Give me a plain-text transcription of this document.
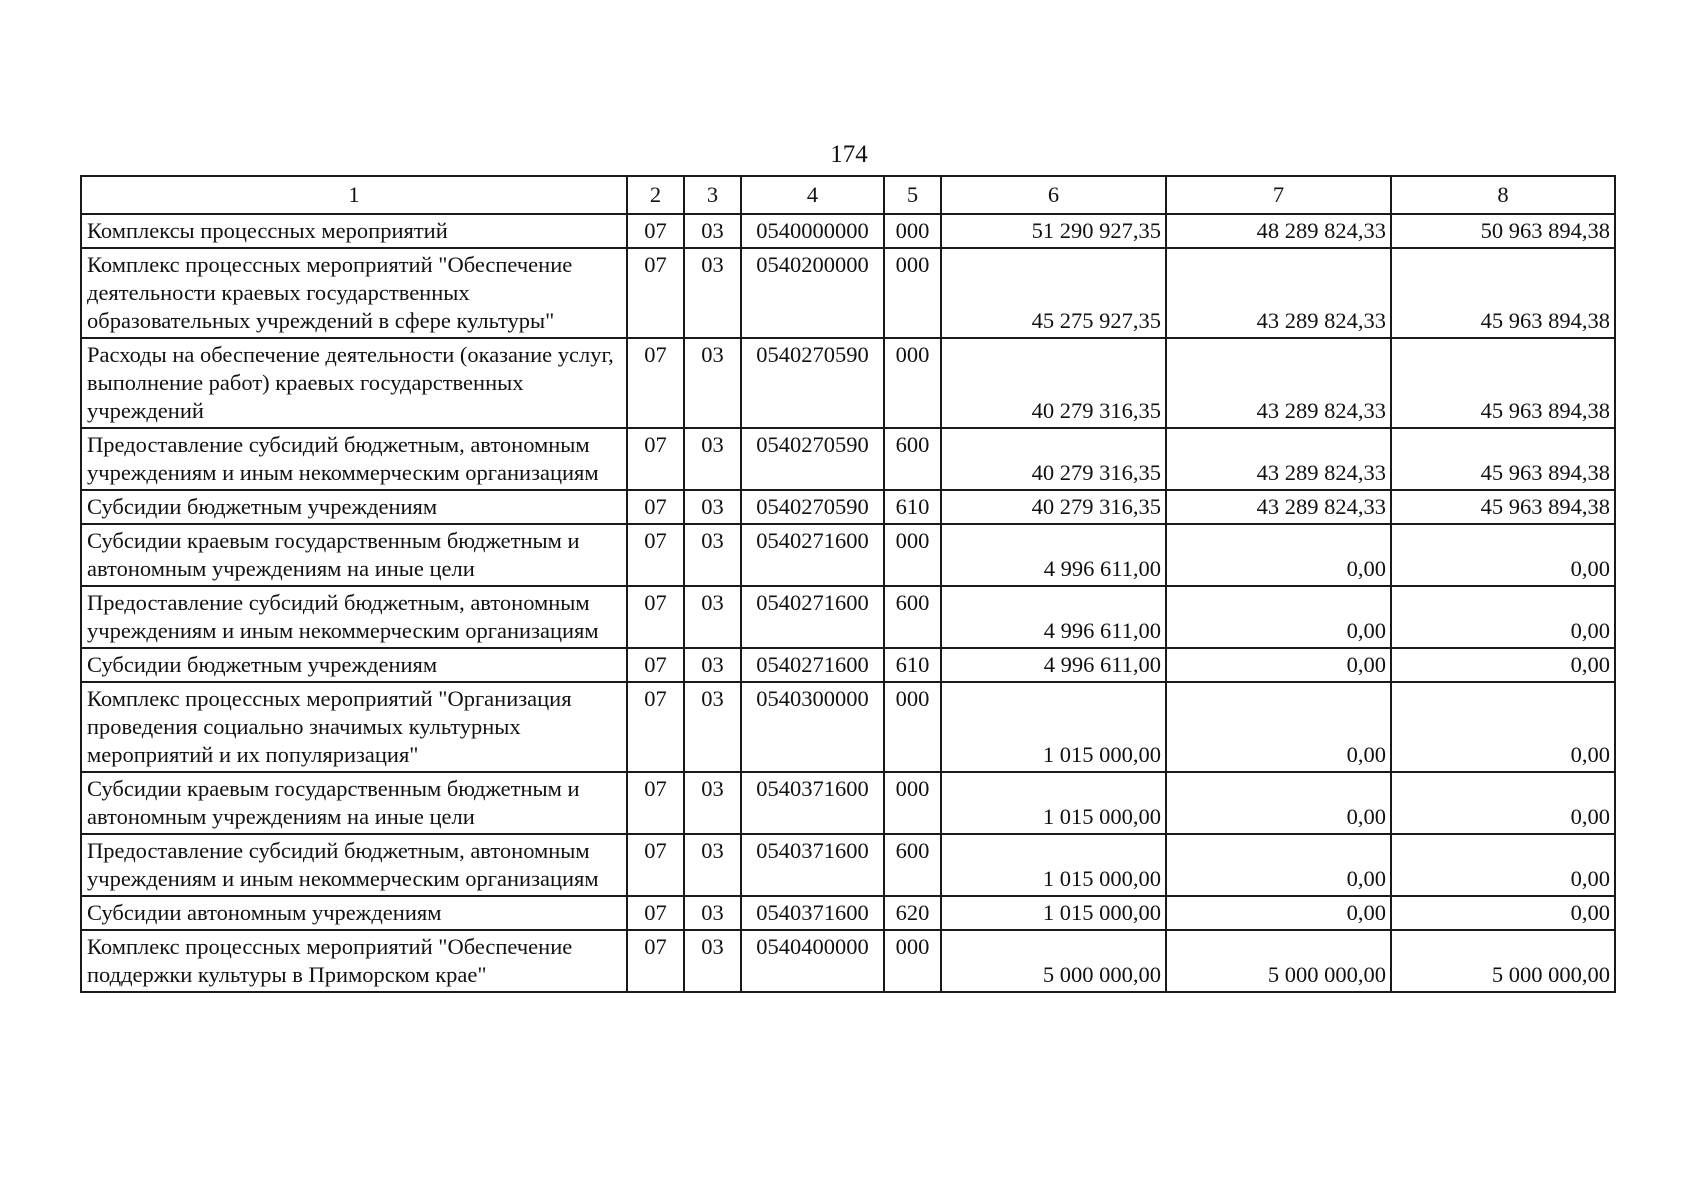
174
1	2	3	4	5	6	7	8
Комплексы процессных мероприятий	07	03	0540000000	000	51 290 927,35	48 289 824,33	50 963 894,38
Комплекс процессных мероприятий "Обеспечение деятельности краевых государственных образовательных учреждений в сфере культуры"	07	03	0540200000	000	45 275 927,35	43 289 824,33	45 963 894,38
Расходы на обеспечение деятельности (оказание услуг, выполнение работ) краевых государственных учреждений	07	03	0540270590	000	40 279 316,35	43 289 824,33	45 963 894,38
Предоставление субсидий бюджетным, автономным учреждениям и иным некоммерческим организациям	07	03	0540270590	600	40 279 316,35	43 289 824,33	45 963 894,38
Субсидии бюджетным учреждениям	07	03	0540270590	610	40 279 316,35	43 289 824,33	45 963 894,38
Субсидии краевым государственным бюджетным и автономным учреждениям на иные цели	07	03	0540271600	000	4 996 611,00	0,00	0,00
Предоставление субсидий бюджетным, автономным учреждениям и иным некоммерческим организациям	07	03	0540271600	600	4 996 611,00	0,00	0,00
Субсидии бюджетным учреждениям	07	03	0540271600	610	4 996 611,00	0,00	0,00
Комплекс процессных мероприятий "Организация проведения социально значимых культурных мероприятий и их популяризация"	07	03	0540300000	000	1 015 000,00	0,00	0,00
Субсидии краевым государственным бюджетным и автономным учреждениям на иные цели	07	03	0540371600	000	1 015 000,00	0,00	0,00
Предоставление субсидий бюджетным, автономным учреждениям и иным некоммерческим организациям	07	03	0540371600	600	1 015 000,00	0,00	0,00
Субсидии автономным учреждениям	07	03	0540371600	620	1 015 000,00	0,00	0,00
Комплекс процессных мероприятий "Обеспечение поддержки культуры в Приморском крае"	07	03	0540400000	000	5 000 000,00	5 000 000,00	5 000 000,00
